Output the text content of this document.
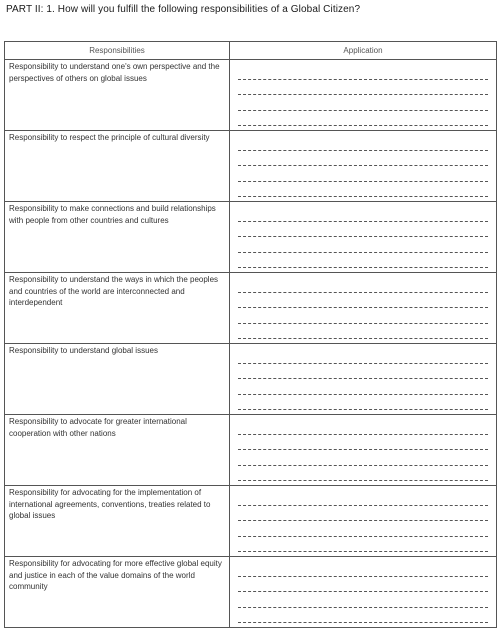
PART II: 1. How will you fulfill the following responsibilities of a Global Citizen?
Responsibilities	Application
Responsibility to understand one's own perspective and the perspectives of others on global issues	

Responsibility to respect the principle of cultural diversity	

Responsibility to make connections and build relationships with people from other countries and cultures	

Responsibility to understand the ways in which the peoples and countries of the world are interconnected and interdependent	

Responsibility to understand global issues	

Responsibility to advocate for greater international cooperation with other nations	

Responsibility for advocating for the implementation of international agreements, conventions, treaties related to global issues	

Responsibility for advocating for more effective global equity and justice in each of the value domains of the world community	
